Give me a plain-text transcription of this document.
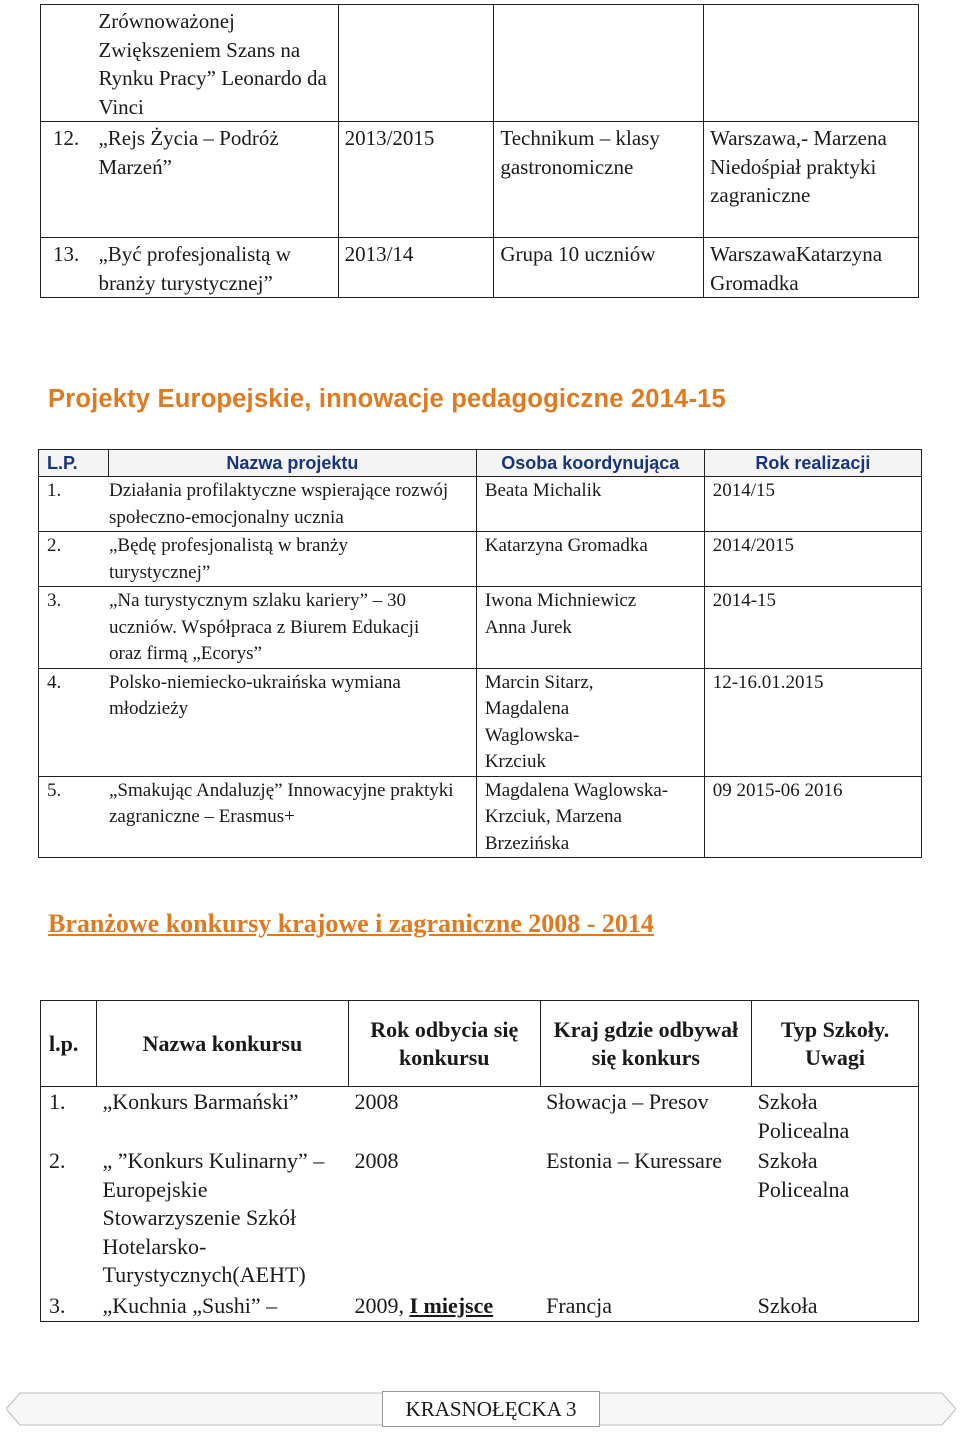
	Zrównoważonej Zwiększeniem Szans na Rynku Pracy” Leonardo da Vinci			
12.	„Rejs Życia – Podróż Marzeń”	2013/2015	Technikum – klasy gastronomiczne	Warszawa,- Marzena Niedośpiał praktyki zagraniczne
13.	„Być profesjonalistą w branży turystycznej”	2013/14	Grupa 10 uczniów	WarszawaKatarzyna Gromadka
Projekty Europejskie, innowacje pedagogiczne 2014-15
L.P.	Nazwa projektu	Osoba koordynująca	Rok realizacji

1. Działania profilaktyczne wspierające rozwój społeczno-emocjonalny ucznia		Beata Michalik	2014/15

2. „Będę profesjonalistą w branży turystycznej”		Katarzyna Gromadka	2014/2015

3. „Na turystycznym szlaku kariery” – 30 uczniów. Współpraca z Biurem Edukacji oraz firmą „Ecorys”		Iwona Michniewicz Anna Jurek	2014-15

4. Polsko-niemiecko-ukraińska wymiana młodzieży		Marcin Sitarz, Magdalena Waglowska-Krzciuk	12-16.01.2015

5. „Smakując Andaluzję” Innowacyjne praktyki zagraniczne – Erasmus+		Magdalena Waglowska-Krzciuk, Marzena Brzezińska	09 2015-06 2016
Branżowe konkursy krajowe i zagraniczne 2008 - 2014
l.p.	Nazwa konkursu	Rok odbycia się konkursu	Kraj gdzie odbywał się konkurs	Typ Szkoły. Uwagi
1.	„Konkurs Barmański”	2008	Słowacja – Presov	Szkoła Policealna

2.	„ ”Konkurs Kulinarny” – Europejskie Stowarzyszenie Szkół Hotelarsko-Turystycznych(AEHT)	2008	Estonia – Kuressare	Szkoła Policealna

3.	„Kuchnia „Sushi” –	2009, I miejsce	Francja	Szkoła
KRASNOŁĘCKA 3
